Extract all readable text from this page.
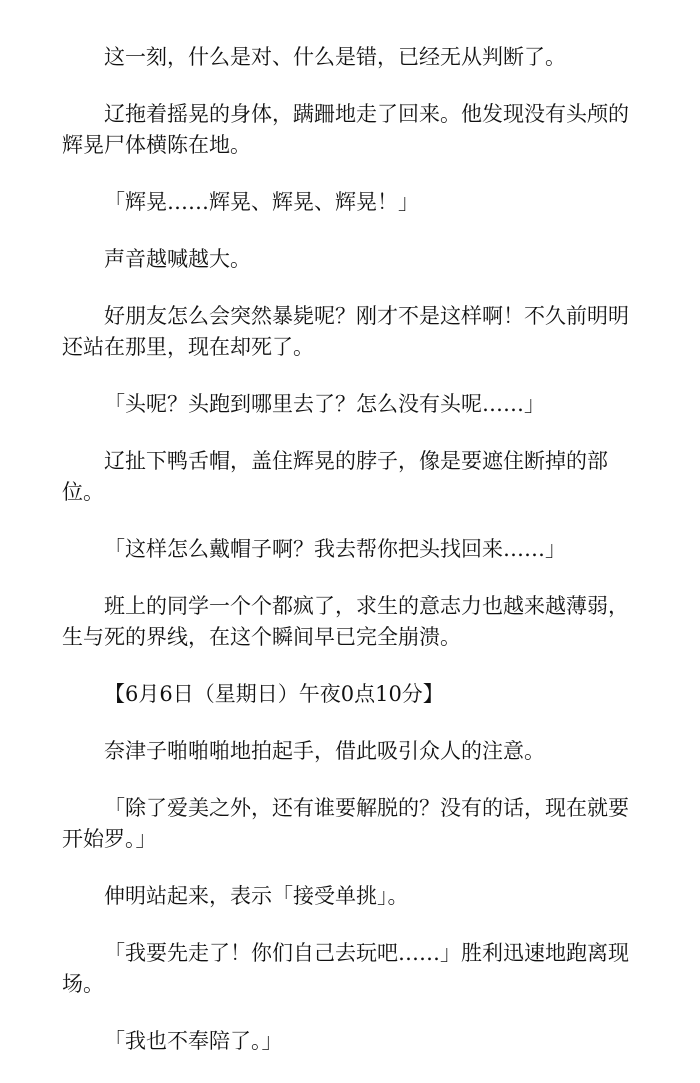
这一刻，什么是对、什么是错，已经无从判断了。

辽拖着摇晃的身体，蹒跚地走了回来。他发现没有头颅的辉晃尸体横陈在地。

「辉晃……辉晃、辉晃、辉晃！」

声音越喊越大。

好朋友怎么会突然暴毙呢？刚才不是这样啊！不久前明明还站在那里，现在却死了。

「头呢？头跑到哪里去了？怎么没有头呢……」

辽扯下鸭舌帽，盖住辉晃的脖子，像是要遮住断掉的部位。

「这样怎么戴帽子啊？我去帮你把头找回来……」

班上的同学一个个都疯了，求生的意志力也越来越薄弱，生与死的界线，在这个瞬间早已完全崩溃。

【6月6日（星期日）午夜0点10分】

奈津子啪啪啪地拍起手，借此吸引众人的注意。

「除了爱美之外，还有谁要解脱的？没有的话，现在就要开始罗。」

伸明站起来，表示「接受单挑」。

「我要先走了！你们自己去玩吧……」胜利迅速地跑离现场。

「我也不奉陪了。」
